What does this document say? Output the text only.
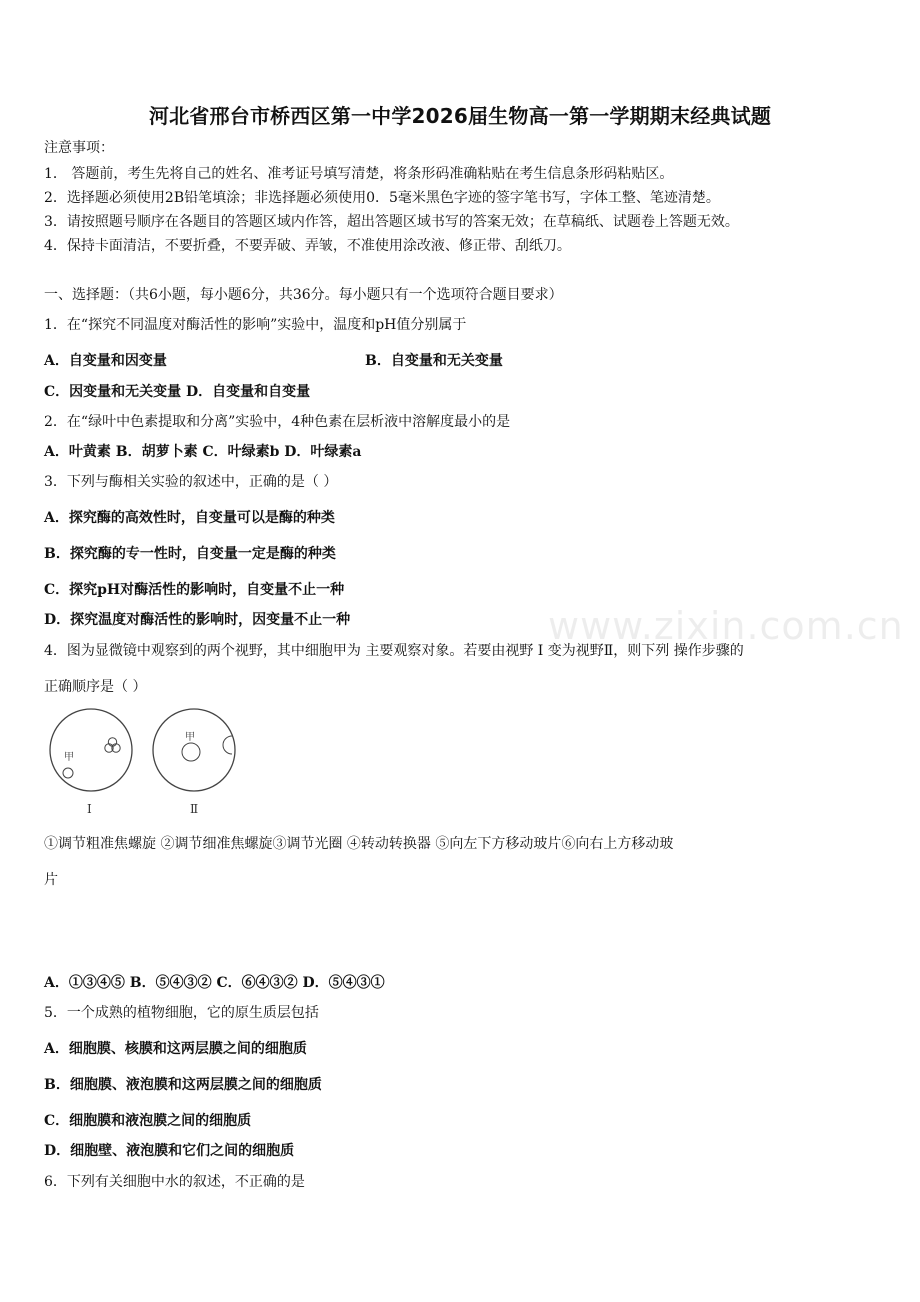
河北省邢台市桥西区第一中学2026届生物高一第一学期期末经典试题
注意事项：
1． 答题前，考生先将自己的姓名、准考证号填写清楚，将条形码准确粘贴在考生信息条形码粘贴区。
2．选择题必须使用2B铅笔填涂；非选择题必须使用0．5毫米黑色字迹的签字笔书写，字体工整、笔迹清楚。
3．请按照题号顺序在各题目的答题区域内作答，超出答题区域书写的答案无效；在草稿纸、试题卷上答题无效。
4．保持卡面清洁，不要折叠，不要弄破、弄皱，不准使用涂改液、修正带、刮纸刀。
一、选择题：（共6小题，每小题6分，共36分。每小题只有一个选项符合题目要求）
1．在“探究不同温度对酶活性的影响”实验中，温度和pH值分别属于
A．自变量和因变量	B．自变量和无关变量
C．因变量和无关变量 D．自变量和自变量
2．在“绿叶中色素提取和分离”实验中，4种色素在层析液中溶解度最小的是
A．叶黄素 B．胡萝卜素 C．叶绿素b D．叶绿素a
3．下列与酶相关实验的叙述中，正确的是（ ）
A．探究酶的高效性时，自变量可以是酶的种类
B．探究酶的专一性时，自变量一定是酶的种类
C．探究pH对酶活性的影响时，自变量不止一种
D．探究温度对酶活性的影响时，因变量不止一种	www.zixin.com.cn
4．图为显微镜中观察到的两个视野，其中细胞甲为 主要观察对象。若要由视野 Ⅰ 变为视野Ⅱ，则下列 操作步骤的
正确顺序是（ ）
甲
甲
Ⅰ	Ⅱ
①调节粗准焦螺旋 ②调节细准焦螺旋③调节光圈 ④转动转换器 ⑤向左下方移动玻片⑥向右上方移动玻
片
A．①③④⑤ B．⑤④③② C．⑥④③② D．⑤④③①
5．一个成熟的植物细胞，它的原生质层包括
A．细胞膜、核膜和这两层膜之间的细胞质
B．细胞膜、液泡膜和这两层膜之间的细胞质
C．细胞膜和液泡膜之间的细胞质
D．细胞壁、液泡膜和它们之间的细胞质
6．下列有关细胞中水的叙述，不正确的是
